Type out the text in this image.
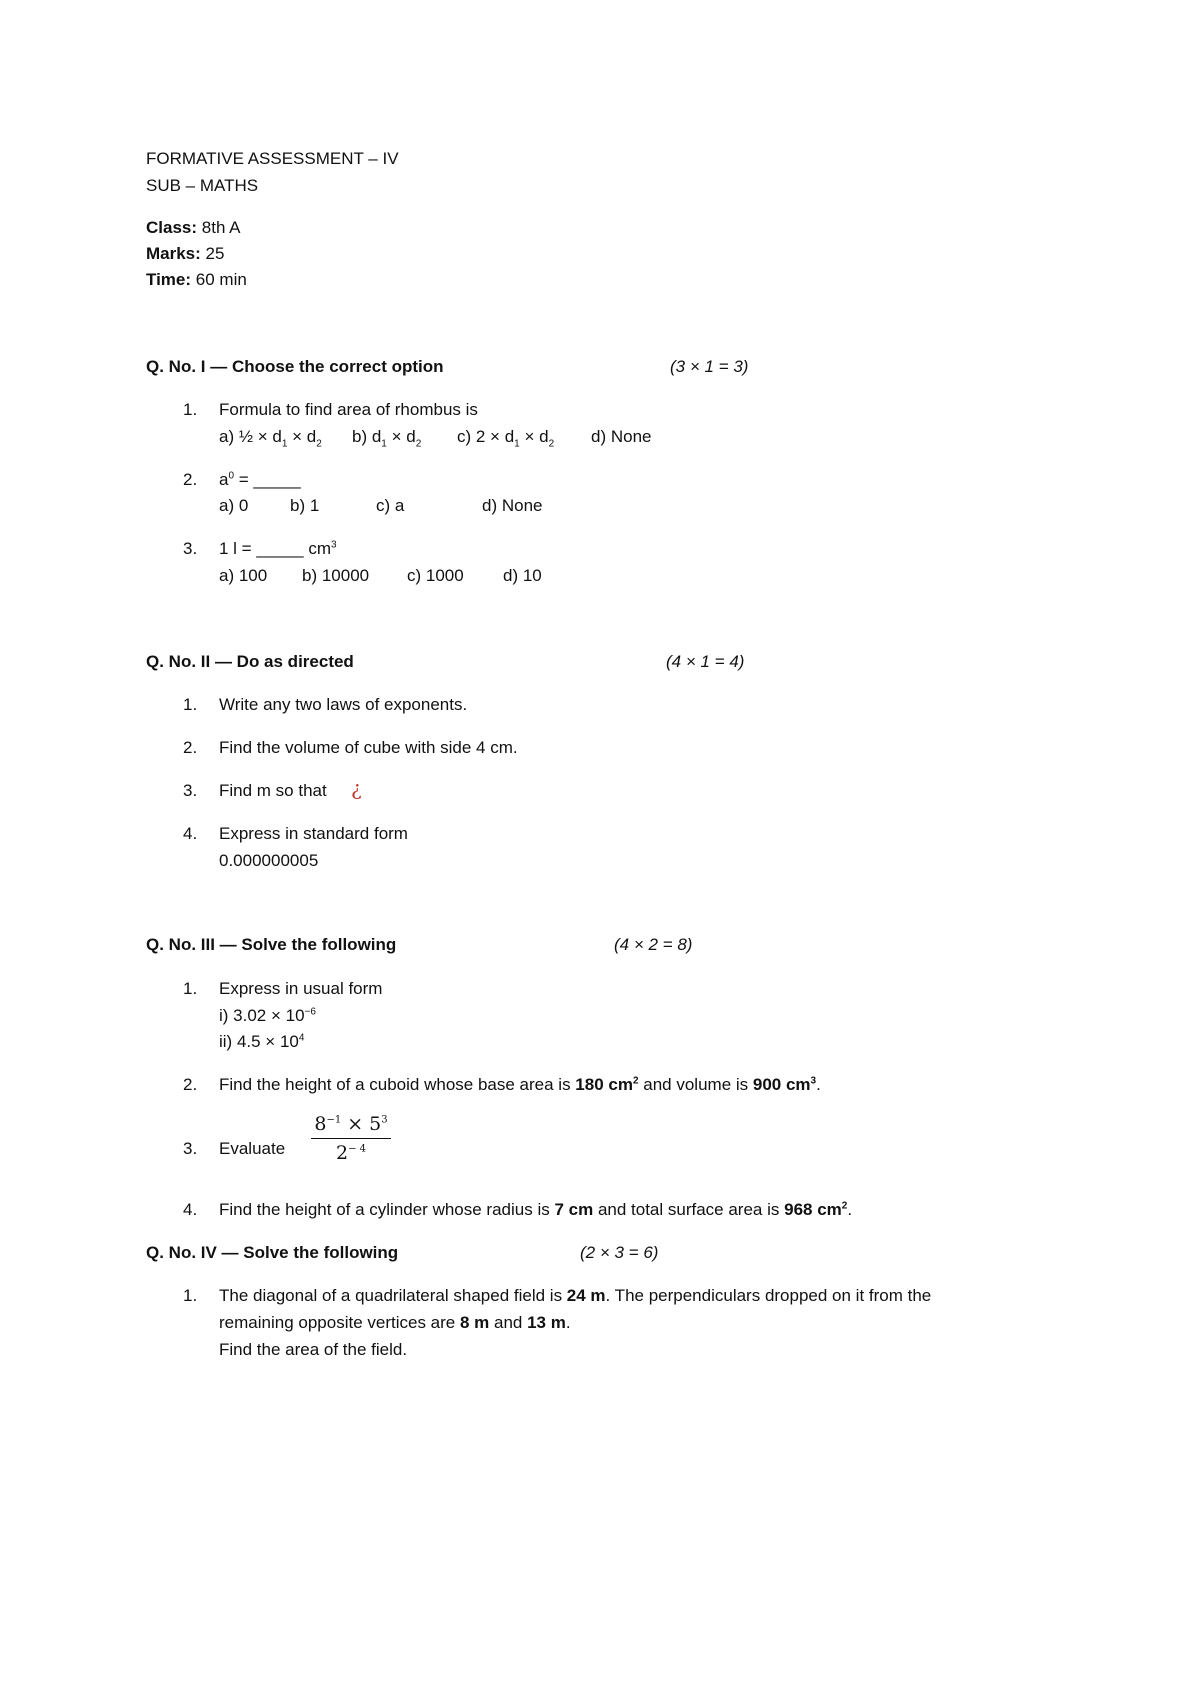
FORMATIVE ASSESSMENT – IV
SUB – MATHS
Class: 8th A
Marks: 25
Time: 60 min
Q. No. I — Choose the correct option	(3 × 1 = 3)
1. Formula to find area of rhombus is
a) ½ × $d_1 \times d_2$ b) $d_1 \times d_2$ c) $2 \times d_1 \times d_2$ d) None
2. $a^0$ = _____
a) 0 b) 1	c) a	d) None
3. 1 l = _____ $cm^3$
a) 100 b) 10000 c) 1000 d) 10
Q. No. II — Do as directed	(4 × 1 = 4)
1. Write any two laws of exponents.
2. Find the volume of cube with side 4 cm.
3. Find m so that ¿
4. Express in standard form
0.000000005
Q. No. III — Solve the following	(4 × 2 = 8)
1. Express in usual form
i) $3.02 \times 10^{-6}$
ii) $4.5 \times 10^4$
2. Find the height of a cuboid whose base area is 180 $cm^2$ and volume is 900 $cm^3$.
3. Evaluate
$8^{-1} \times 5^3$
$2^{- 4}$
4. Find the height of a cylinder whose radius is 7 cm and total surface area is 968 $cm^2$.
Q. No. IV — Solve the following	(2 × 3 = 6)
1. The diagonal of a quadrilateral shaped field is 24 m. The perpendiculars dropped on it from the
remaining opposite vertices are 8 m and 13 m.
Find the area of the field.
